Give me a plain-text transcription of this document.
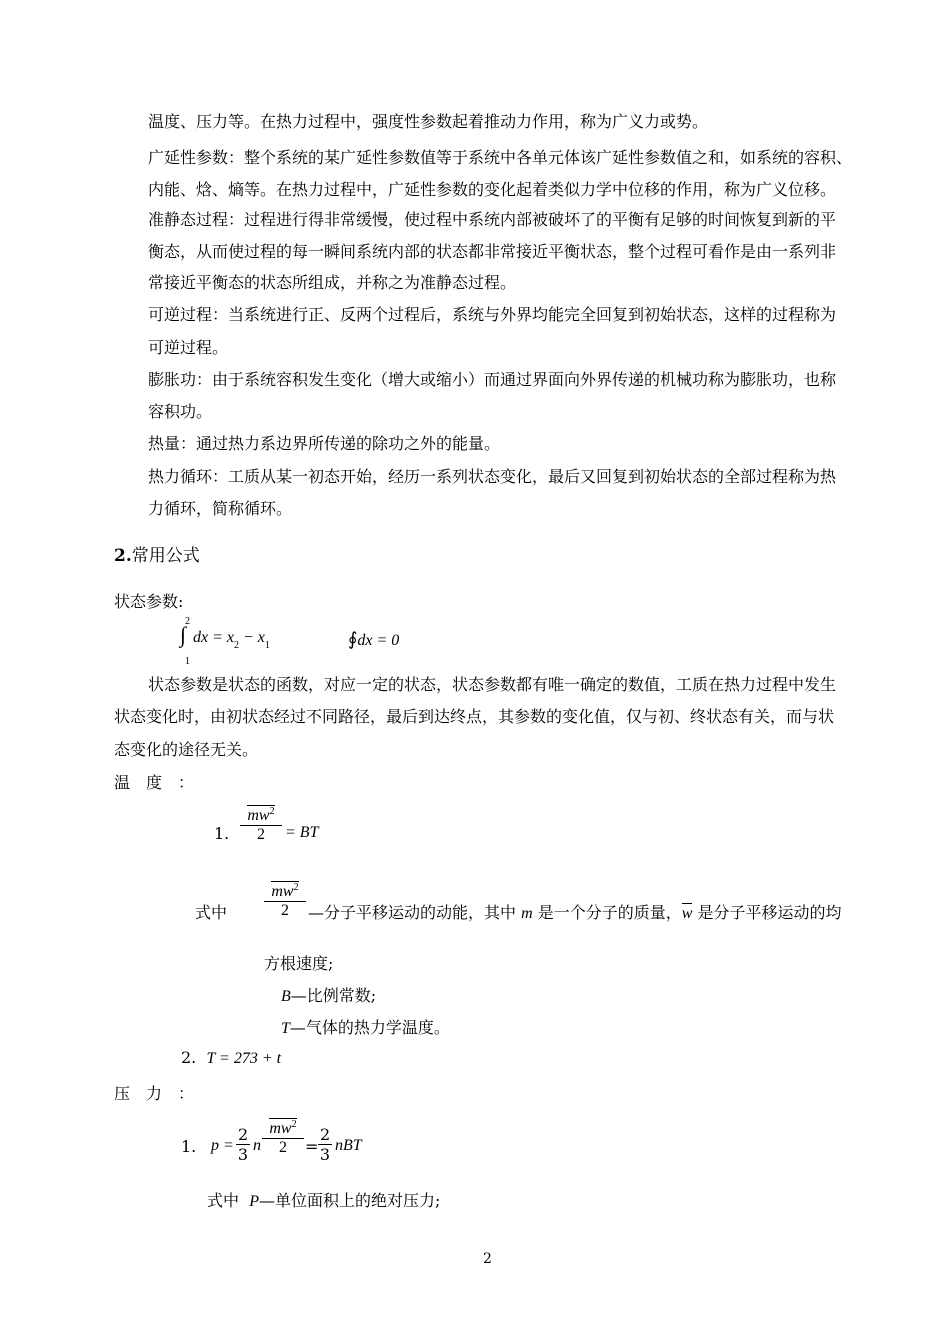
温度、压力等。在热力过程中，强度性参数起着推动力作用，称为广义力或势。
广延性参数：整个系统的某广延性参数值等于系统中各单元体该广延性参数值之和，如系统的容积、
内能、焓、熵等。在热力过程中，广延性参数的变化起着类似力学中位移的作用，称为广义位移。
准静态过程：过程进行得非常缓慢，使过程中系统内部被破坏了的平衡有足够的时间恢复到新的平
衡态，从而使过程的每一瞬间系统内部的状态都非常接近平衡状态，整个过程可看作是由一系列非
常接近平衡态的状态所组成，并称之为准静态过程。
可逆过程：当系统进行正、反两个过程后，系统与外界均能完全回复到初始状态，这样的过程称为
可逆过程。
膨胀功：由于系统容积发生变化（增大或缩小）而通过界面向外界传递的机械功称为膨胀功，也称
容积功。
热量：通过热力系边界所传递的除功之外的能量。
热力循环：工质从某一初态开始，经历一系列状态变化，最后又回复到初始状态的全部过程称为热
力循环，简称循环。
2.常用公式
状态参数:
2
∫
1
dx = $x_2 - x_1$	∮dx = 0
状态参数是状态的函数，对应一定的状态，状态参数都有唯一确定的数值，工质在热力过程中发生
状态变化时，由初状态经过不同路径，最后到达终点，其参数的变化值，仅与初、终状态有关，而与状
态变化的途径无关。
温　度　：
1.
$mw^2$
2	= BT
式中
$mw^2$
2	—分子平移运动的动能，其中 m 是一个分子的质量，w 是分子平移运动的均
方根速度;
B—比例常数;
T—气体的热力学温度。
2. T = 273 + t
压　力　：
1. p =
2
3 n
$mw^2$
2	=
2
3 nBT
式中 P—单位面积上的绝对压力;
2
